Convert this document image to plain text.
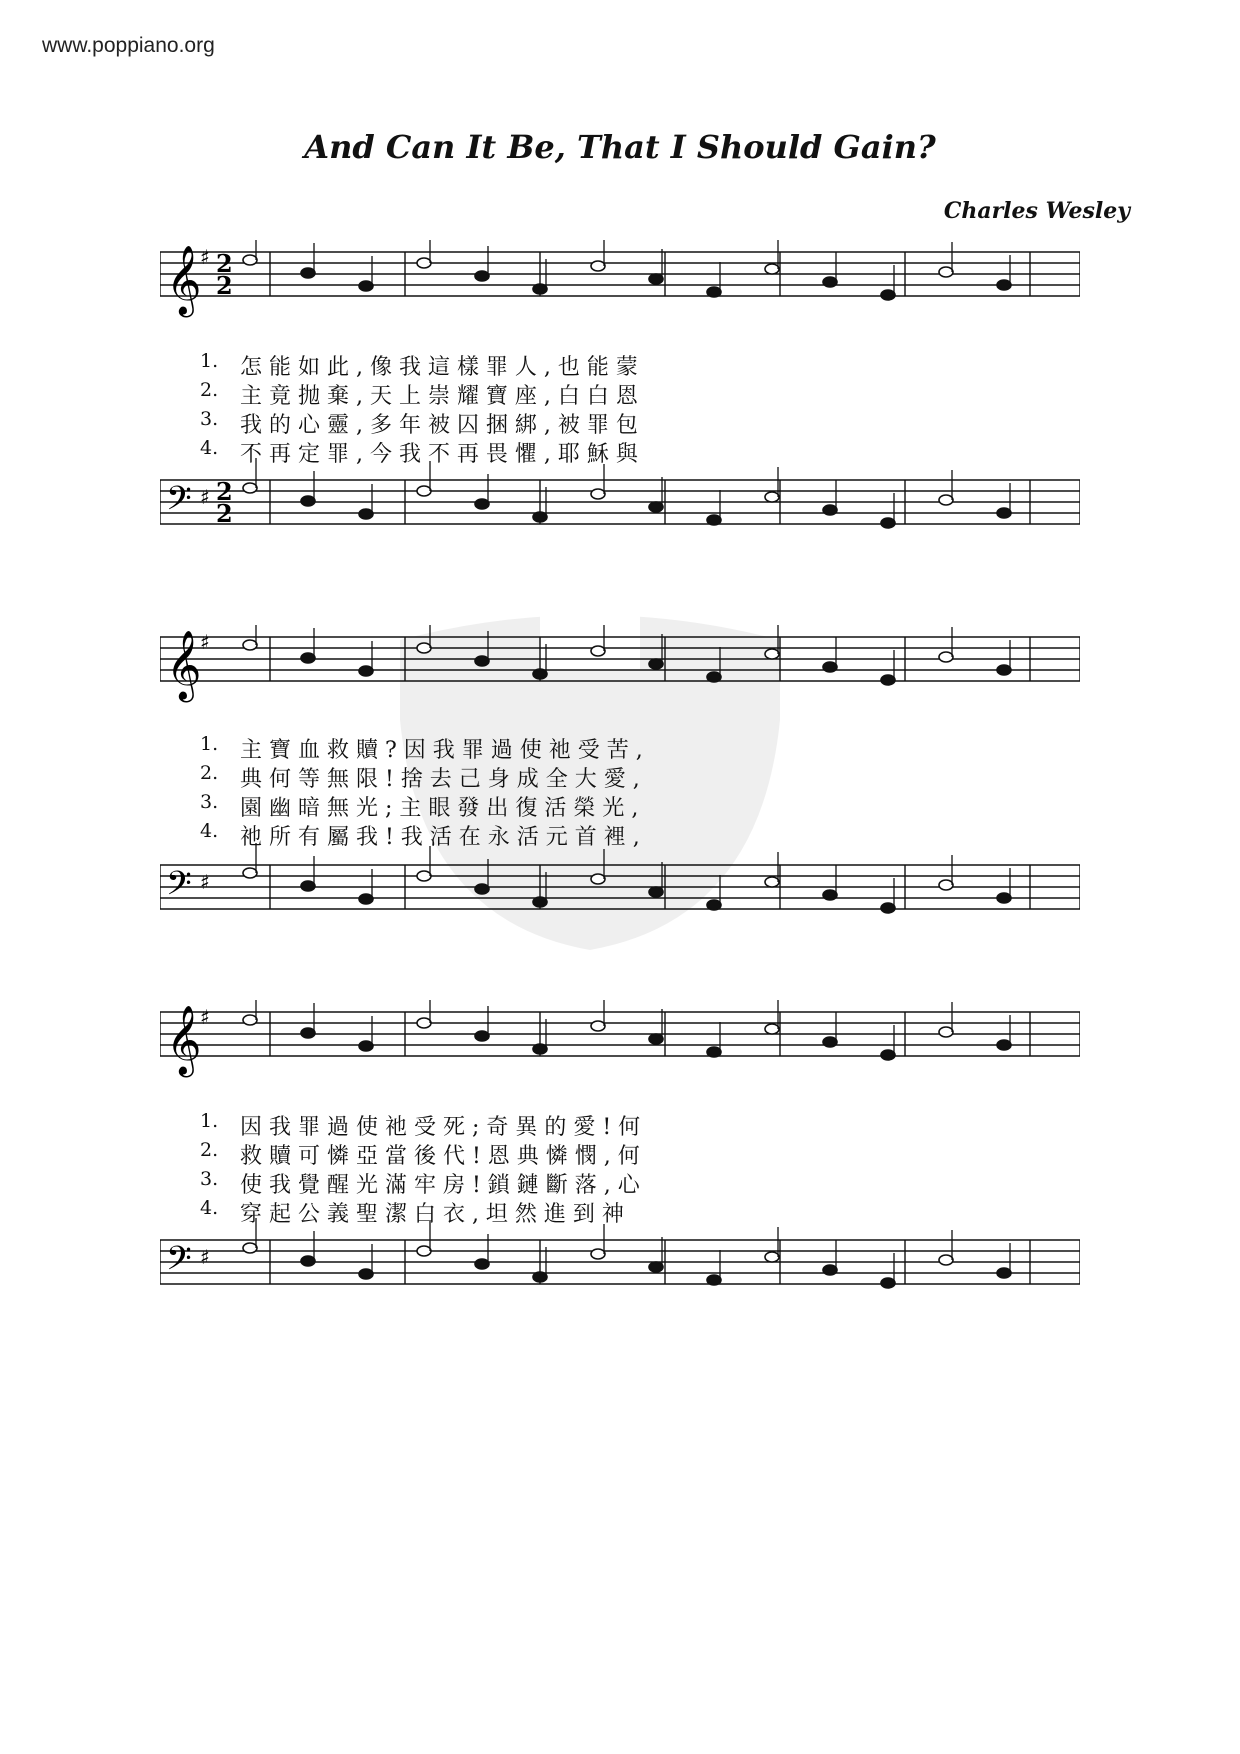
www.poppiano.org
And Can It Be, That I Should Gain?
Charles Wesley
𝄞
♯
𝄢 ♯
2
2
2
2
1. 怎 能 如 此 , 像 我 這 樣 罪 人 , 也 能 蒙
2. 主 竟 抛 棄 , 天 上 崇 耀 寶 座 , 白 白 恩
3. 我 的 心 靈 , 多 年 被 囚 捆 綁 , 被 罪 包
4. 不 再 定 罪 , 今 我 不 再 畏 懼 , 耶 穌 與
𝄞
♯
𝄢 ♯
1. 主 寶 血 救 贖 ? 因 我 罪 過 使 祂 受 苦 ,
2. 典 何 等 無 限 ! 捨 去 己 身 成 全 大 愛 ,
3. 園 幽 暗 無 光 ; 主 眼 發 出 復 活 榮 光 ,
4. 祂 所 有 屬 我 ! 我 活 在 永 活 元 首 裡 ,
𝄞
♯
𝄢 ♯
1. 因 我 罪 過 使 祂 受 死 ; 奇 異 的 愛 ! 何
2. 救 贖 可 憐 亞 當 後 代 ! 恩 典 憐 憫 , 何
3. 使 我 覺 醒 光 滿 牢 房 ! 鎖 鏈 斷 落 , 心
4. 穿 起 公 義 聖 潔 白 衣 , 坦 然 進 到 神
